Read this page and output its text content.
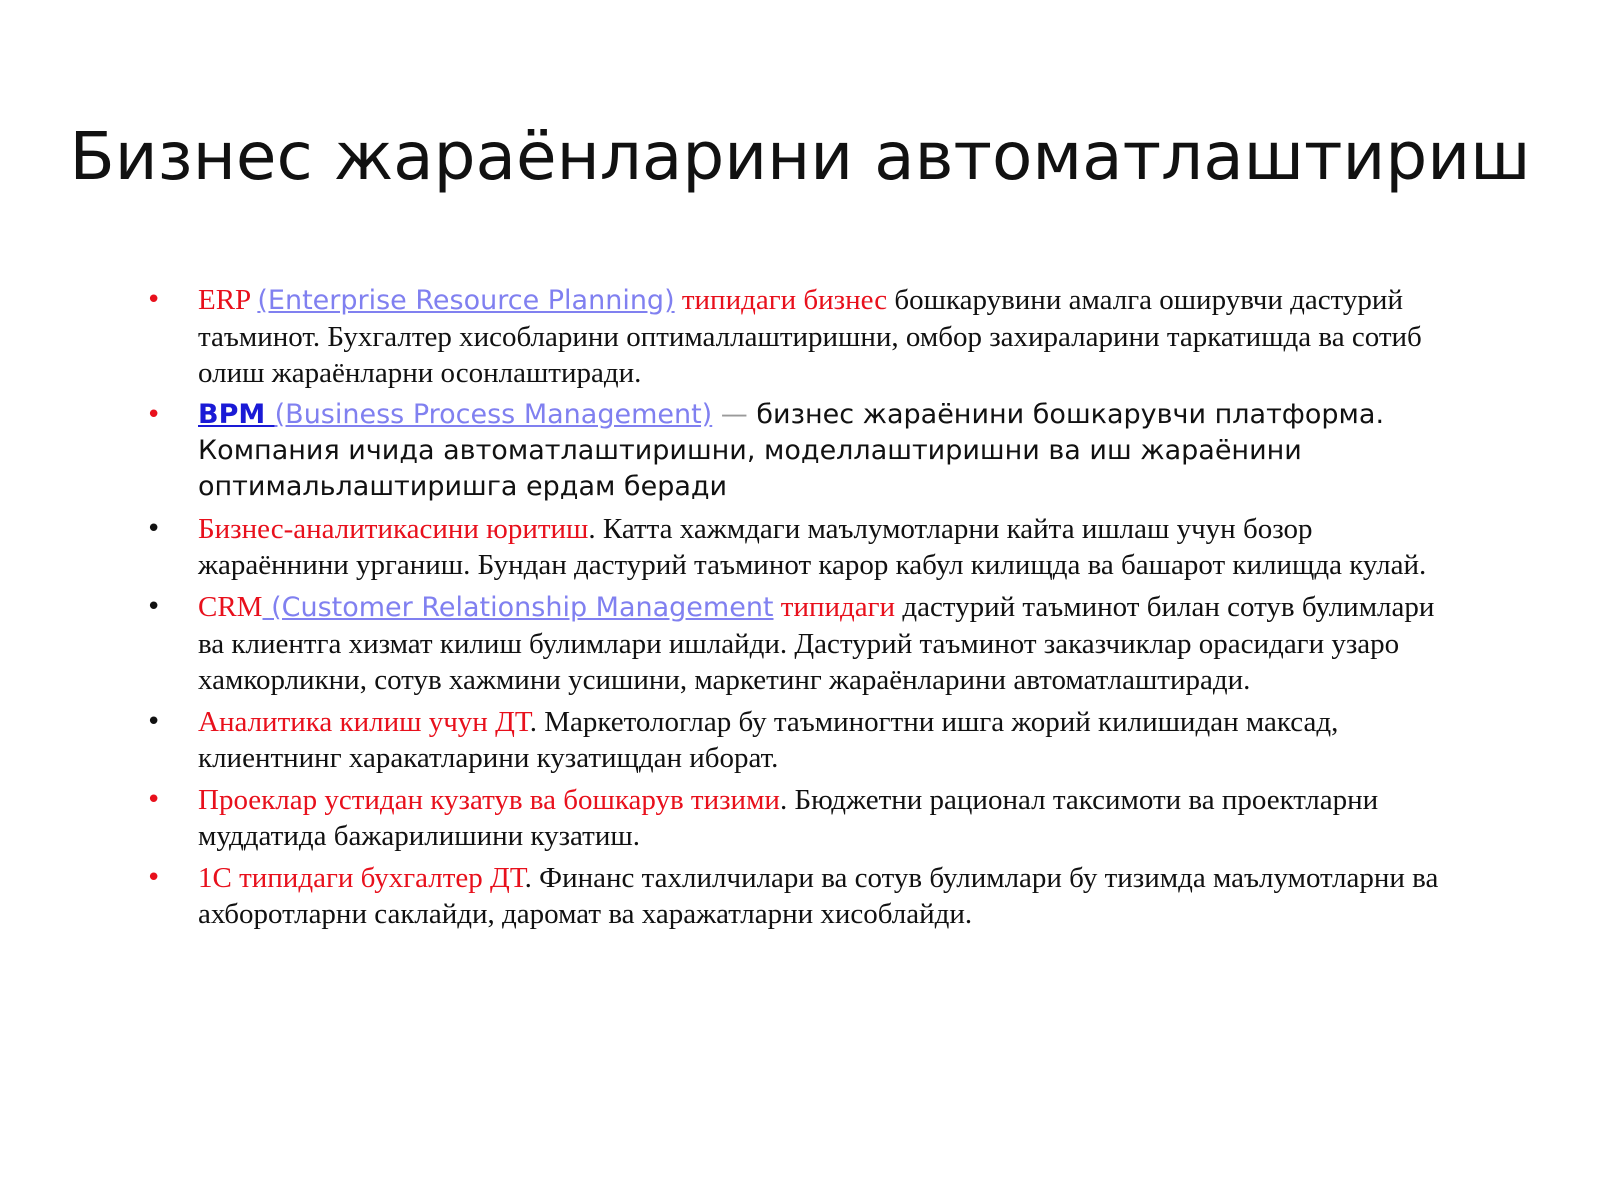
Бизнес жараёнларини автоматлаштириш
• ERP (Enterprise Resource Planning) типидаги бизнес бошкарувини амалга оширувчи дастурий таъминот. Бухгалтер хисобларини оптималлаштиришни, омбор захираларини таркатишда ва сотиб олиш жараёнларни осонлаштиради.
• BPM (Business Process Management) — бизнес жараёнини бошкарувчи платформа. Компания ичида автоматлаштиришни, моделлаштиришни ва иш жараёнини оптимальлаштиришга ердам беради
• Бизнес-аналитикасини юритиш. Катта хажмдаги маълумотларни кайта ишлаш учун бозор жараённини урганиш. Бундан дастурий таъминот карор кабул килищда ва башарот килищда кулай.
• CRM (Customer Relationship Management типидаги дастурий таъминот билан сотув булимлари ва клиентга хизмат килиш булимлари ишлайди. Дастурий таъминот заказчиклар орасидаги узаро хамкорликни, сотув хажмини усишини, маркетинг жараёнларини автоматлаштиради.
• Аналитика килиш учун ДТ. Маркетологлар бу таъминогтни ишга жорий килишидан максад, клиентнинг харакатларини кузатищдан иборат.
• Проеклар устидан кузатув ва бошкарув тизими. Бюджетни рационал таксимоти ва проектларни муддатида бажарилишини кузатиш.
• 1С типидаги бухгалтер ДТ. Финанс тахлилчилари ва сотув булимлари бу тизимда маълумотларни ва ахборотларни саклайди, даромат ва харажатларни хисоблайди.
